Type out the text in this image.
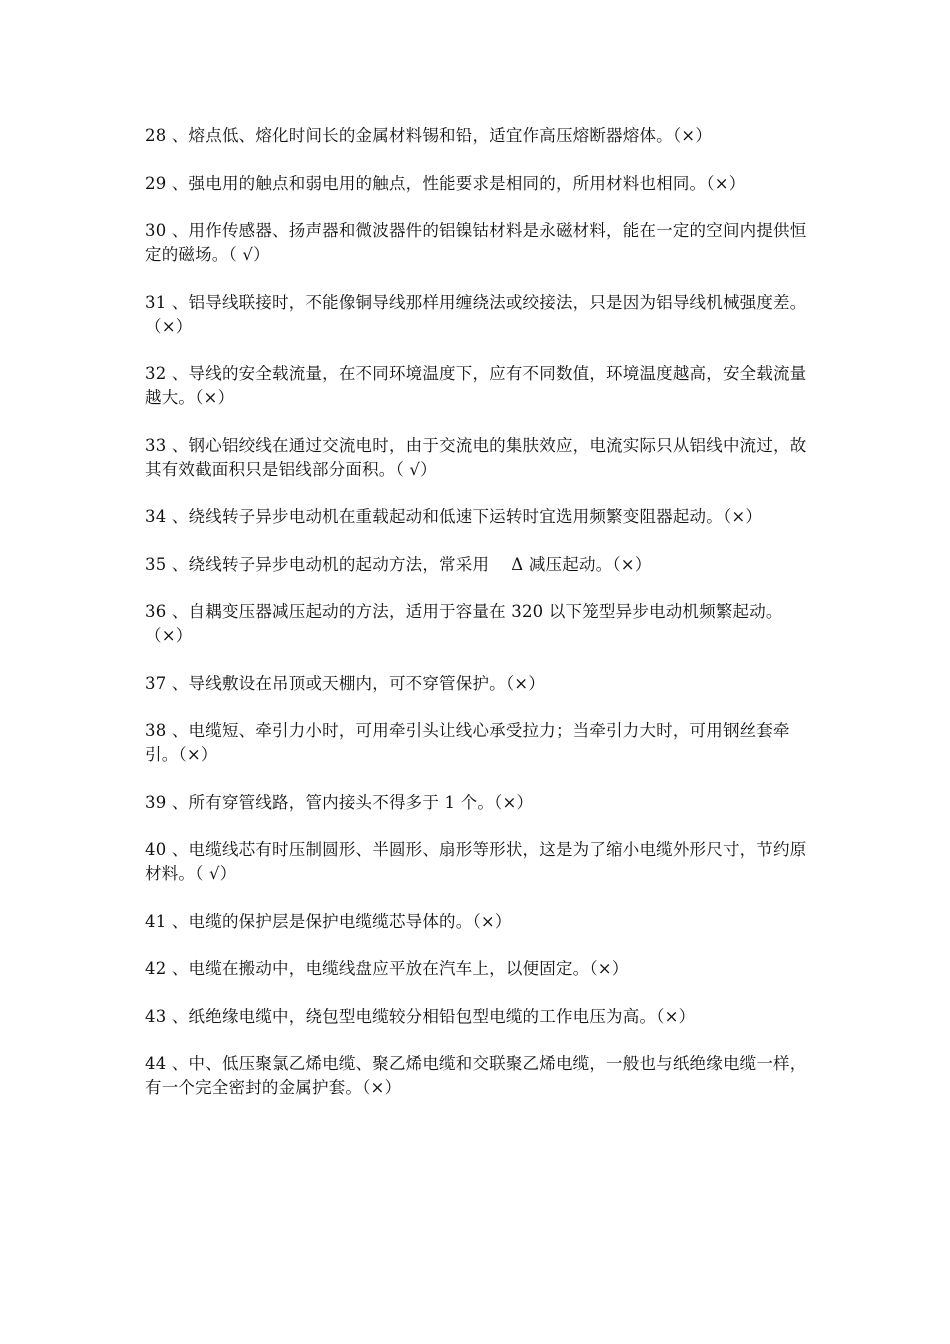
28 、熔点低、熔化时间长的金属材料锡和铅，适宜作高压熔断器熔体。（×）

29 、强电用的触点和弱电用的触点，性能要求是相同的，所用材料也相同。（×）

30 、用作传感器、扬声器和微波器件的铝镍钴材料是永磁材料，能在一定的空间内提供恒定的磁场。（ √）

31 、铝导线联接时，不能像铜导线那样用缠绕法或绞接法，只是因为铝导线机械强度差。（×）

32 、导线的安全载流量，在不同环境温度下，应有不同数值，环境温度越高，安全载流量越大。（×）

33 、钢心铝绞线在通过交流电时，由于交流电的集肤效应，电流实际只从铝线中流过，故其有效截面积只是铝线部分面积。（ √）

34 、绕线转子异步电动机在重载起动和低速下运转时宜选用频繁变阻器起动。（×）

35 、绕线转子异步电动机的起动方法，常采用　 Δ 减压起动。（×）

36 、自耦变压器减压起动的方法，适用于容量在 320 以下笼型异步电动机频繁起动。（×）

37 、导线敷设在吊顶或天棚内，可不穿管保护。（×）

38 、电缆短、牵引力小时，可用牵引头让线心承受拉力；当牵引力大时，可用钢丝套牵引。（×）

39 、所有穿管线路，管内接头不得多于 1 个。（×）

40 、电缆线芯有时压制圆形、半圆形、扇形等形状，这是为了缩小电缆外形尺寸，节约原材料。（ √）

41 、电缆的保护层是保护电缆缆芯导体的。（×）

42 、电缆在搬动中，电缆线盘应平放在汽车上，以便固定。（×）

43 、纸绝缘电缆中，绕包型电缆较分相铅包型电缆的工作电压为高。（×）

44 、中、低压聚氯乙烯电缆、聚乙烯电缆和交联聚乙烯电缆，一般也与纸绝缘电缆一样，有一个完全密封的金属护套。（×）
